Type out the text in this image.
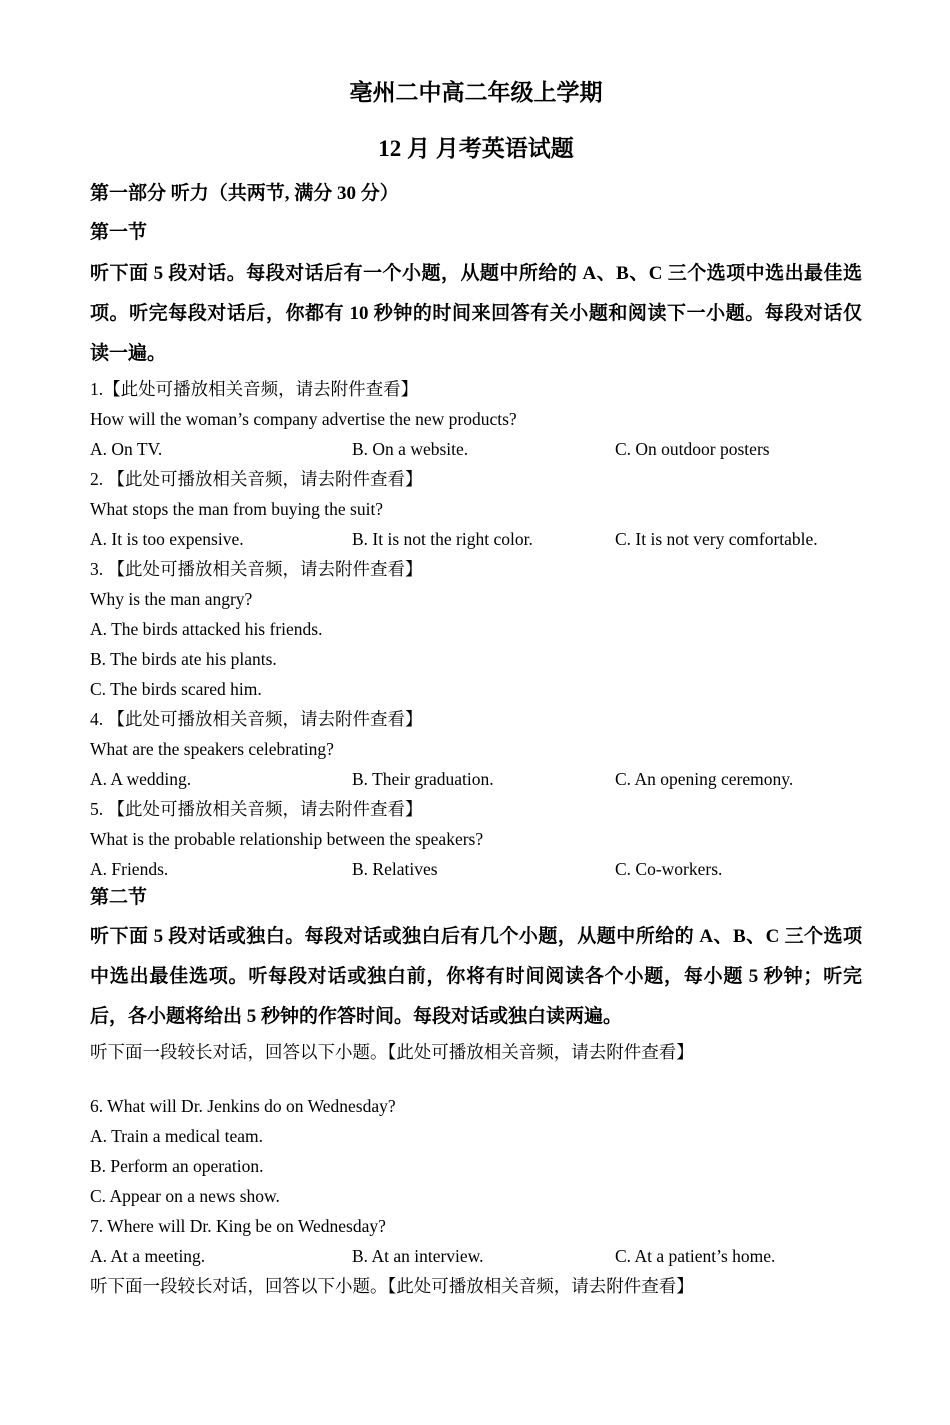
亳州二中高二年级上学期
12 月 月考英语试题
第一部分 听力（共两节, 满分 30 分）
第一节
听下面 5 段对话。每段对话后有一个小题，从题中所给的 A、B、C 三个选项中选出最佳选
项。听完每段对话后，你都有 10 秒钟的时间来回答有关小题和阅读下一小题。每段对话仅
读一遍。
1.【此处可播放相关音频，请去附件查看】
How will the woman’s company advertise the new products?
A. On TV.	B. On a website.	C. On outdoor posters
2. 【此处可播放相关音频，请去附件查看】
What stops the man from buying the suit?
A. It is too expensive.	B. It is not the right color.	C. It is not very comfortable.
3. 【此处可播放相关音频，请去附件查看】
Why is the man angry?
A. The birds attacked his friends.
B. The birds ate his plants.
C. The birds scared him.
4. 【此处可播放相关音频，请去附件查看】
What are the speakers celebrating?
A. A wedding.	B. Their graduation.	C. An opening ceremony.
5. 【此处可播放相关音频，请去附件查看】
What is the probable relationship between the speakers?
A. Friends.	B. Relatives	C. Co-workers.
第二节
听下面 5 段对话或独白。每段对话或独白后有几个小题，从题中所给的 A、B、C 三个选项
中选出最佳选项。听每段对话或独白前，你将有时间阅读各个小题，每小题 5 秒钟；听完
后，各小题将给出 5 秒钟的作答时间。每段对话或独白读两遍。
听下面一段较长对话，回答以下小题。【此处可播放相关音频，请去附件查看】
6. What will Dr. Jenkins do on Wednesday?
A. Train a medical team.
B. Perform an operation.
C. Appear on a news show.
7. Where will Dr. King be on Wednesday?
A. At a meeting.	B. At an interview.	C. At a patient’s home.
听下面一段较长对话，回答以下小题。【此处可播放相关音频，请去附件查看】
